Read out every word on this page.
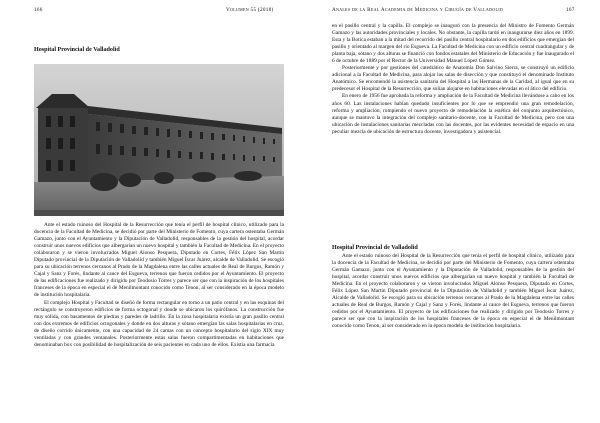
166	Volumen 55 (2018)
Hospital Provincial de Valladolid

Ante el estado ruinoso del Hospital de la Resurrección que tenía el perfil de hospital clínico, utilizado para la docencia de la Facultad de Medicina, se decidió por parte del Ministerio de Fomento, cuya cartera ostentaba Germán Gamazo, junto con el Ayuntamiento y la Diputación de Valladolid, responsables de la gestión del hospital, acordar construir unos nuevos edificios que albergarían un nuevo hospital y también la Facultad de Medicina. En el proyecto colaboraron y se vieron involucrados Miguel Alonso Pesquera, Diputado en Cortes, Félix López San Martín Diputado provincial de la Diputación de Valladolid y también Miguel Íscar Juárez, alcalde de Valladolid. Se escogió para su ubicación terrenos cercanos al Prado de la Magdalena entre las calles actuales de Real de Burgos, Ramón y Cajal y Sanz y Forés, lindante al cauce del Esgueva, terrenos que fueron cedidos por el Ayuntamiento. El proyecto de las edificaciones fue realizado y dirigido por Teodosio Torres y parece ser que con la inspiración de los hospitales franceses de la época en especial el de Menilmontant conocido como Tenon, al ser considerado en la época modelo de institución hospitalaria.

El complejo Hospital y Facultad se diseñó de forma rectangular en torno a un patio central y en las esquinas del rectángulo se construyeron edificios de forma octogonal y donde se ubicaron los quirófanos. La construcción fue muy sólida, con basamentos de piedras y paredes de ladrillo. En la zona hospitalaria existía un gran pasillo central con dos extremos de edificios octogonales y donde en dos alturas y sótano emergían las salas hospitalarias en cruz, de diseño corrido únicamente, con una capacidad de 24 camas con un concepto hospitalario del siglo XIX muy ventiladas y con grandes ventanales. Posteriormente estas salas fueron compartimentadas en habitaciones que denominaban box con posibilidad de hospitalización de seis pacientes en cada uno de ellos. Existía una farmacia

Anales de la Real Academia de Medicina y Cirugía de Valladolid	167

en el pasillo central y la capilla. El complejo se inauguró con la presencia del Ministro de Fomento Germán Gamazo y las autoridades provinciales y locales. No obstante, la capilla tardó en inaugurarse diez años en 1899. Esta y la Botica estaban a la mitad del recorrido del pasillo central hospitalario en dos edificios que emergían del pasillo y orientado al margen del río Esgueva. La Facultad de Medicina con un edificio central cuadrangular y de planta baja, sótano y dos alturas se financió con fondos estatales del Ministerio de Educación y fue inaugurado el 6 de octubre de 1889 por el Rector de la Universidad Manuel López Gómez.

Posteriormente y por gestiones del catedrático de Anatomía Don Salvino Sierra, se construyó un edificio adicional a la Facultad de Medicina, para alojar las salas de disección y que constituyó el denominado Instituto Anatómico. Se encomendó la asistencia sanitaria del Hospital a las Hermanas de la Caridad, al igual que en su predecesor el Hospital de la Resurrección, que solían alojarse en habitaciones elevadas en el ático del edificio.

En enero de 1956 fue aprobada la reforma y ampliación de la Facultad de Medicina llevándose a cabo en los años 60. Las instalaciones habían quedado insuficientes por lo que se emprendió una gran remodelación, reforma y ampliación, rompiendo el nuevo proyecto de remodelación la estética del conjunto arquitectónico, aunque se mantuvo la integración del complejo sanitario-docente, con la Facultad de Medicina, pero con una ubicación de instalaciones sanitarias mezcladas con las docentes, por las evidentes necesidad de espacio en una peculiar mezcla de ubicación de estructura docente, investigadora y asistencial.

Hospital Provincial de Valladolid

Ante el estado ruinoso del Hospital de la Resurrección que tenía el perfil de hospital clínico, utilizado para la docencia de la Facultad de Medicina, se decidió por parte del Ministerio de Fomento, cuya cartera ostentaba Germán Gamazo, junto con el Ayuntamiento y la Diputación de Valladolid, responsables de la gestión del hospital, acordar construir unos nuevos edificios que albergarían un nuevo hospital y también la Facultad de Medicina. En el proyecto colaboraron y se vieron involucrados Miguel Alonso Pesquera, Diputado en Cortes, Félix López San Martín Diputado provincial de la Diputación de Valladolid y también Miguel Íscar Juárez, Alcalde de Valladolid. Se escogió para su ubicación terrenos cercanos al Prado de la Magdalena entre las calles actuales de Real de Burgos, Ramón y Cajal y Sanz y Forés, lindante al cauce del Esgueva, terrenos que fueron cedidos por el Ayuntamiento. El proyecto de las edificaciones fue realizado y dirigido por Teodosio Torres y parece ser que con la inspiración de los hospitales franceses de la época en especial el de Menilmontant conocido como Tenon, al ser considerado en la época modelo de institución hospitalaria.
